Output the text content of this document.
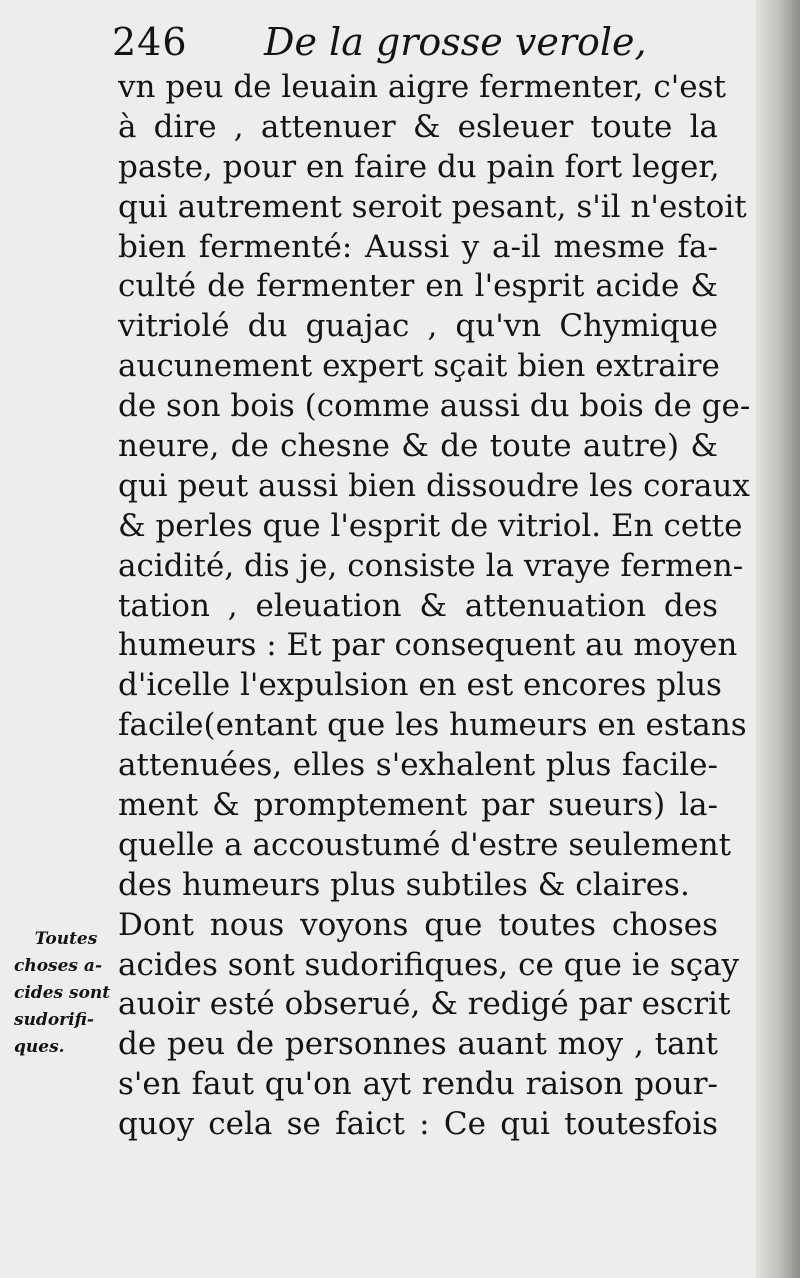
246 De la grosse verole,
vn peu de leuain aigre fermenter, c'est
à dire , attenuer & esleuer toute la
paste, pour en faire du pain fort leger,
qui autrement seroit pesant, s'il n'estoit
bien fermenté: Aussi y a-il mesme fa-
culté de fermenter en l'esprit acide &
vitriolé du guajac , qu'vn Chymique
aucunement expert sçait bien extraire
de son bois (comme aussi du bois de ge-
neure, de chesne & de toute autre) &
qui peut aussi bien dissoudre les coraux
& perles que l'esprit de vitriol. En cette
acidité, dis je, consiste la vraye fermen-
tation , eleuation & attenuation des
humeurs : Et par consequent au moyen
d'icelle l'expulsion en est encores plus
facile(entant que les humeurs en estans
attenuées, elles s'exhalent plus facile-
ment & promptement par sueurs) la-
quelle a accoustumé d'estre seulement
des humeurs plus subtiles & claires.
Dont nous voyons que toutes choses
acides sont sudorifiques, ce que ie sçay
auoir esté obserué, & redigé par escrit
de peu de personnes auant moy , tant
s'en faut qu'on ayt rendu raison pour-
quoy cela se faict : Ce qui toutesfois
Toutes
choses a-
cides sont
sudorifi-
ques.
